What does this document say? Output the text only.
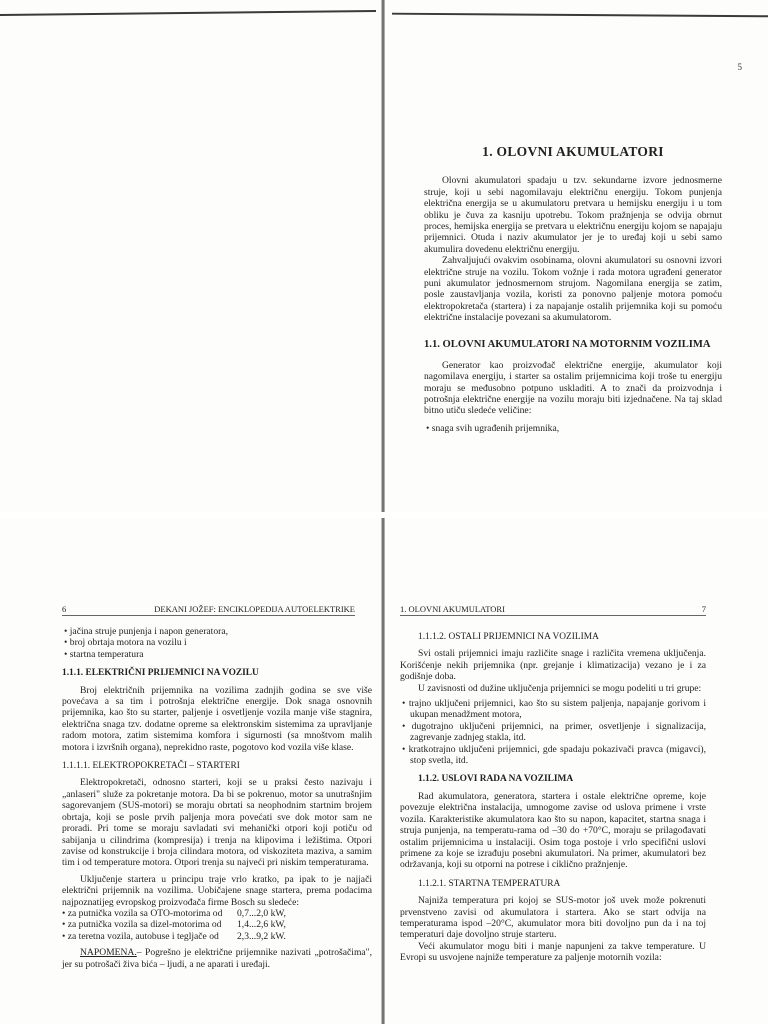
5
1. OLOVNI AKUMULATORI

Olovni akumulatori spadaju u tzv. sekundarne izvore jednosmerne struje, koji u sebi nagomilavaju električnu energiju. Tokom punjenja električna energija se u akumulatoru pretvara u hemijsku energiju i u tom obliku je čuva za kasniju upotrebu. Tokom pražnjenja se odvija obrnut proces, hemijska energija se pretvara u električnu energiju kojom se napajaju prijemnici. Otuda i naziv akumulator jer je to uređaj koji u sebi samo akumulira dovedenu električnu energiju.

Zahvaljujući ovakvim osobinama, olovni akumulatori su osnovni izvori električne struje na vozilu. Tokom vožnje i rada motora ugrađeni generator puni akumulator jednosmernom strujom. Nagomilana energija se zatim, posle zaustavljanja vozila, koristi za ponovno paljenje motora pomoću elektropokretača (startera) i za napajanje ostalih prijemnika koji su pomoću električne instalacije povezani sa akumulatorom.

1.1. OLOVNI AKUMULATORI NA MOTORNIM VOZILIMA

Generator kao proizvođač električne energije, akumulator koji nagomilava energiju, i starter sa ostalim prijemnicima koji troše tu energiju moraju se međusobno potpuno uskladiti. A to znači da proizvodnja i potrošnja električne energije na vozilu moraju biti izjednačene. Na taj sklad bitno utiču sledeće veličine:

• snaga svih ugrađenih prijemnika,
6	DEKANI JOŽEF:
ENCIKLOPEDIJA AUTOELEKTRIKE
• jačina struje punjenja i napon generatora,
• broj obrtaja motora na vozilu i
• startna temperatura
1.1.1. ELEKTRIČNI PRIJEMNICI NA VOZILU

Broj električnih prijemnika na vozilima zadnjih godina se sve više povećava a sa tim i potrošnja električne energije. Dok snaga osnovnih prijemnika, kao što su starter, paljenje i osvetljenje vozila manje više stagnira, električna snaga tzv. dodatne opreme sa elektronskim sistemima za upravljanje radom motora, zatim sistemima komfora i sigurnosti (sa mnoštvom malih motora i izvršnih organa), neprekidno raste, pogotovo kod vozila više klase.

1.1.1.1. ELEKTROPOKRETAČI – STARTERI

Elektropokretači, odnosno starteri, koji se u praksi često nazivaju i „anlaseri" služe za pokretanje motora. Da bi se pokrenuo, motor sa unutrašnjim sagorevanjem (SUS-motori) se moraju obrtati sa neophodnim startnim brojem obrtaja, koji se posle prvih paljenja mora povećati sve dok motor sam ne proradi. Pri tome se moraju savladati svi mehanički otpori koji potiču od sabijanja u cilindrima (kompresija) i trenja na klipovima i ležištima. Otpori zavise od konstrukcije i broja cilindara motora, od viskoziteta maziva, a samim tim i od temperature motora. Otpori trenja su najveći pri niskim temperaturama.

Uključenje startera u principu traje vrlo kratko, pa ipak to je najjači električni prijemnik na vozilima. Uobičajene snage startera, prema podacima najpoznatijeg evropskog proizvođača firme Bosch su sledeće:

• za putnička vozila sa OTO-motorima od	0,7...2,0 kW,
• za putnička vozila sa dizel-motorima od	1,4...2,6 kW,
• za teretna vozila, autobuse i tegljače od	2,3...9,2 kW.

NAPOMENA.– Pogrešno je električne prijemnike nazivati „potrošačima", jer su potrošači živa bića – ljudi, a ne aparati i uređaji.

1. OLOVNI AKUMULATORI	7
1.1.1.2. OSTALI PRIJEMNICI NA VOZILIMA

Svi ostali prijemnici imaju različite snage i različita vremena uključenja. Korišćenje nekih prijemnika (npr. grejanje i klimatizacija) vezano je i za godišnje doba.

U zavisnosti od dužine uključenja prijemnici se mogu podeliti u tri grupe:

• trajno uključeni prijemnici, kao što su sistem paljenja, napajanje gorivom i ukupan menadžment motora,
• dugotrajno uključeni prijemnici, na primer, osvetljenje i signalizacija, zagrevanje zadnjeg stakla, itd.
• kratkotrajno uključeni prijemnici, gde spadaju pokazivači pravca (migavci), stop svetla, itd.
1.1.2. USLOVI RADA NA VOZILIMA

Rad akumulatora, generatora, startera i ostale električne opreme, koje povezuje električna instalacija, umnogome zavise od uslova primene i vrste vozila. Karakteristike akumulatora kao što su napon, kapacitet, startna snaga i struja punjenja, na temperatu-rama od –30 do +70°C, moraju se prilagođavati ostalim prijemnicima u instalaciji. Osim toga postoje i vrlo specifični uslovi primene za koje se izrađuju posebni akumulatori. Na primer, akumulatori bez održavanja, koji su otporni na potrese i ciklično pražnjenje.

1.1.2.1. STARTNA TEMPERATURA

Najniža temperatura pri kojoj se SUS-motor još uvek može pokrenuti prvenstveno zavisi od akumulatora i startera. Ako se start odvija na temperaturama ispod –20°C, akumulator mora biti dovoljno pun da i na toj temperaturi daje dovoljno struje starteru.

Veći akumulator mogu biti i manje napunjeni za takve temperature. U Evropi su usvojene najniže temperature za paljenje motornih vozila:
